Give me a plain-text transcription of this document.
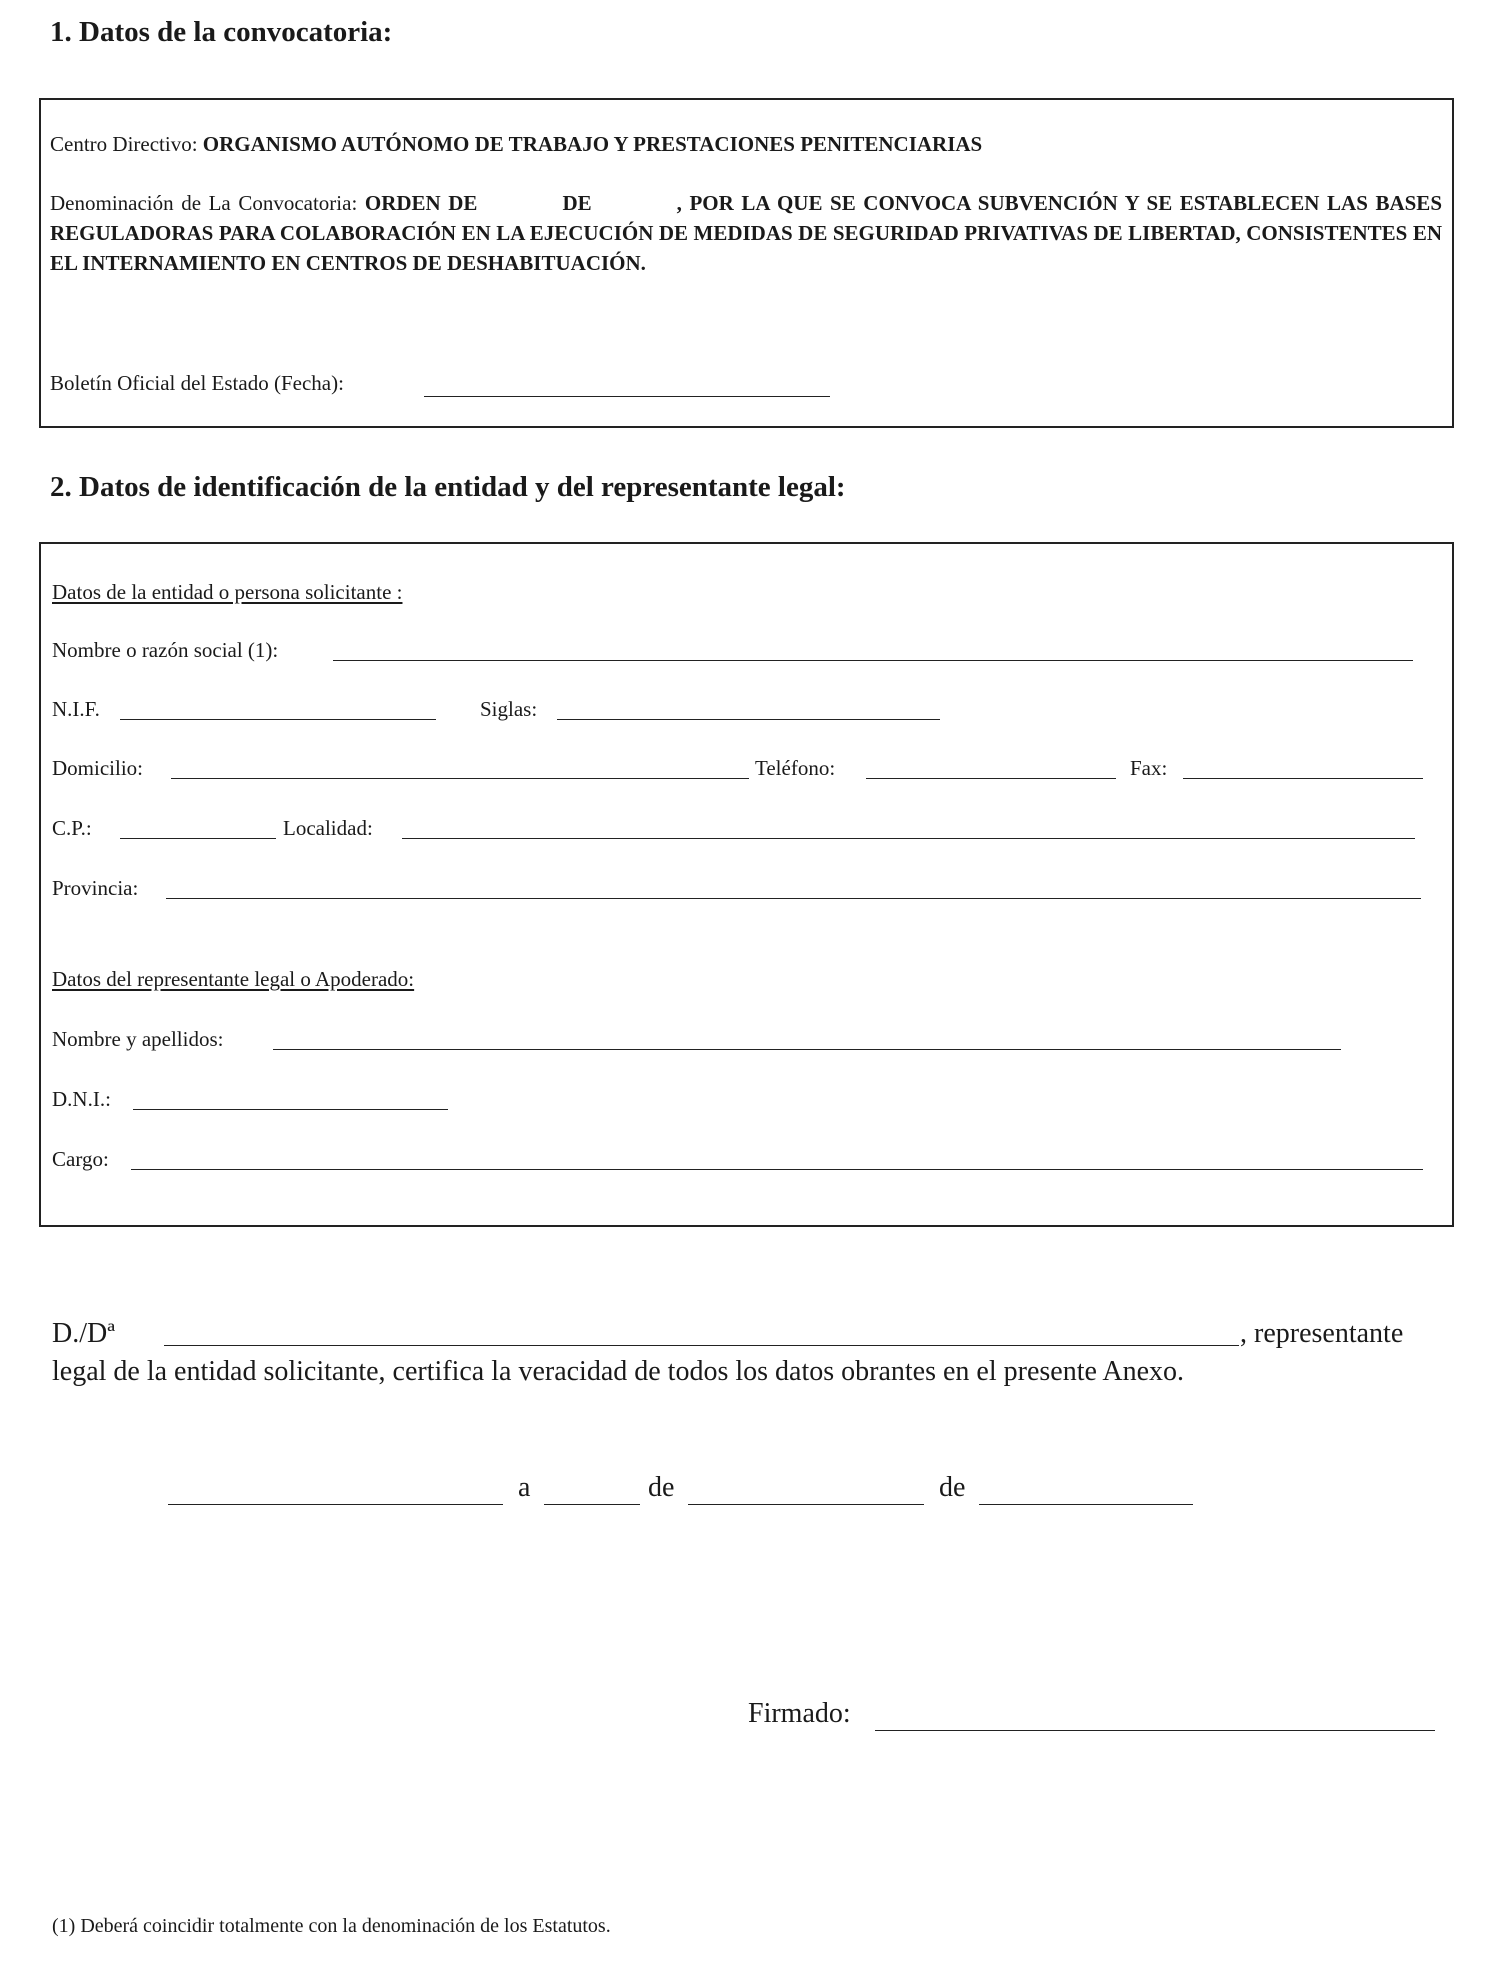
1. Datos de la convocatoria:
Centro Directivo: ORGANISMO AUTÓNOMO DE TRABAJO Y PRESTACIONES PENITENCIARIAS
Denominación de La Convocatoria: ORDEN DE	DE	, POR LA QUE SE CONVOCA SUBVENCIÓN Y SE ESTABLECEN LAS BASES REGULADORAS PARA COLABORACIÓN EN LA EJECUCIÓN DE MEDIDAS DE SEGURIDAD PRIVATIVAS DE LIBERTAD, CONSISTENTES EN EL INTERNAMIENTO EN CENTROS DE DESHABITUACIÓN.
Boletín Oficial del Estado (Fecha):
2. Datos de identificación de la entidad y del representante legal:
Datos de la entidad o persona solicitante :
Nombre o razón social (1):
N.I.F.	Siglas:
Domicilio:	Teléfono:	Fax:
C.P.:	Localidad:
Provincia:
Datos del representante legal o Apoderado:
Nombre y apellidos:
D.N.I.:
Cargo:
D./Dª	, representante
legal de la entidad solicitante, certifica la veracidad de todos los datos obrantes en el presente Anexo.
a	de	de
Firmado:
(1) Deberá coincidir totalmente con la denominación de los Estatutos.
